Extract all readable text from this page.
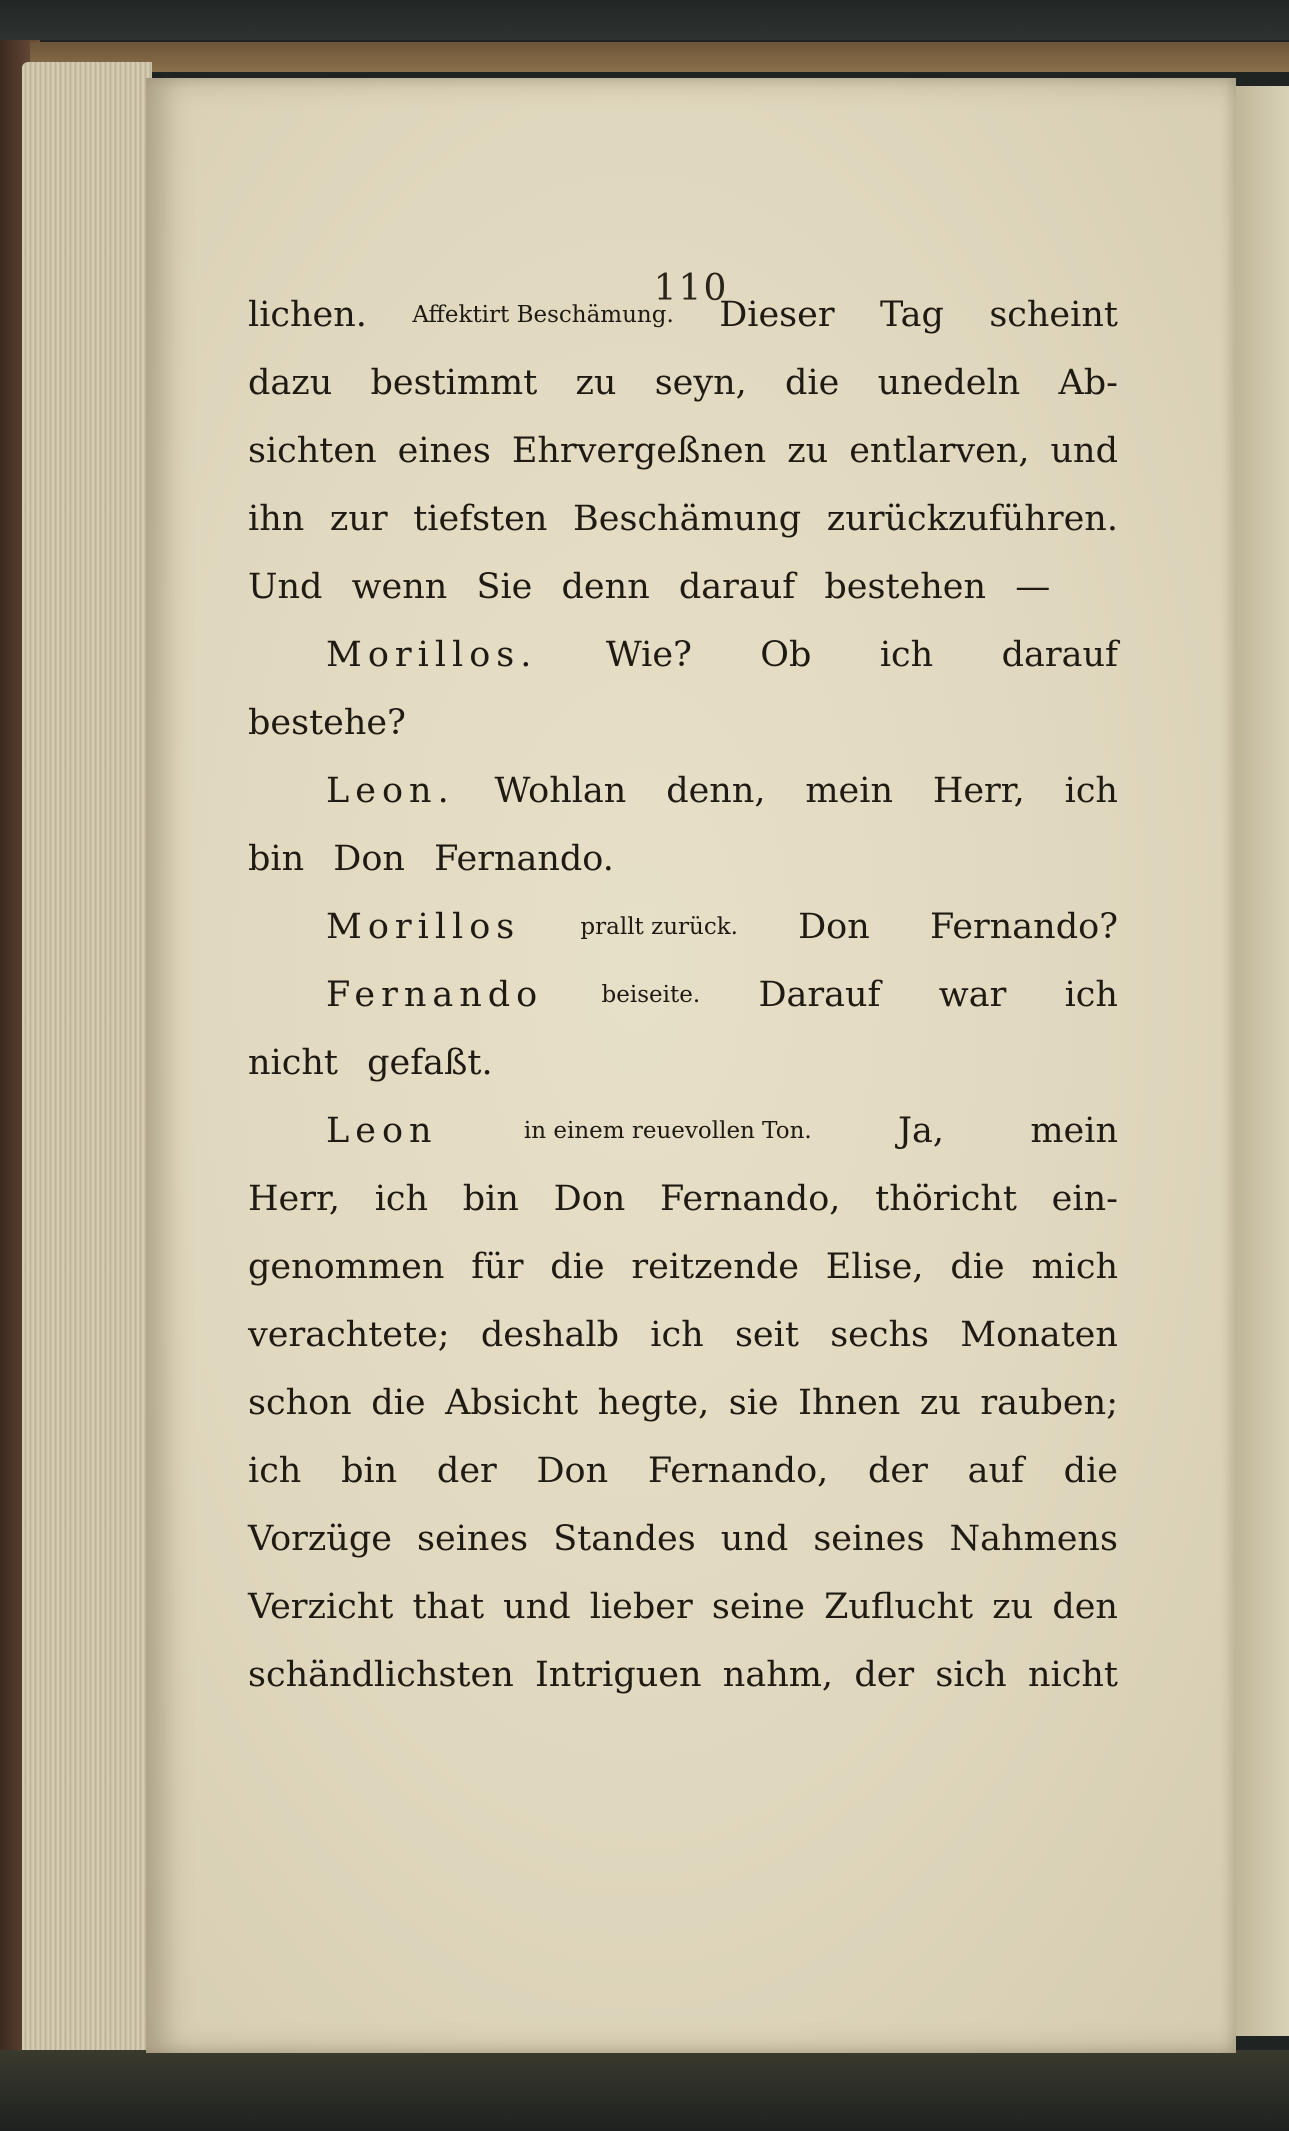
110
lichen. Affektirt Beschämung. Dieser Tag scheint
dazu bestimmt zu seyn, die unedeln Ab-
sichten eines Ehrvergeßnen zu entlarven, und
ihn zur tiefsten Beschämung zurückzuführen.
Und wenn Sie denn darauf bestehen —
Morillos. Wie? Ob ich darauf
bestehe?
Leon. Wohlan denn, mein Herr, ich
bin Don Fernando.
Morillos	prallt zurück. Don Fernando?
Fernando	beiseite. Darauf war ich
nicht gefaßt.
Leon	in einem reuevollen Ton. Ja, mein
Herr, ich bin Don Fernando, thöricht ein-
genommen für die reitzende Elise, die mich
verachtete; deshalb ich seit sechs Monaten
schon die Absicht hegte, sie Ihnen zu rauben;
ich bin der Don Fernando, der auf die
Vorzüge seines Standes und seines Nahmens
Verzicht that und lieber seine Zuflucht zu den
schändlichsten Intriguen nahm, der sich nicht
